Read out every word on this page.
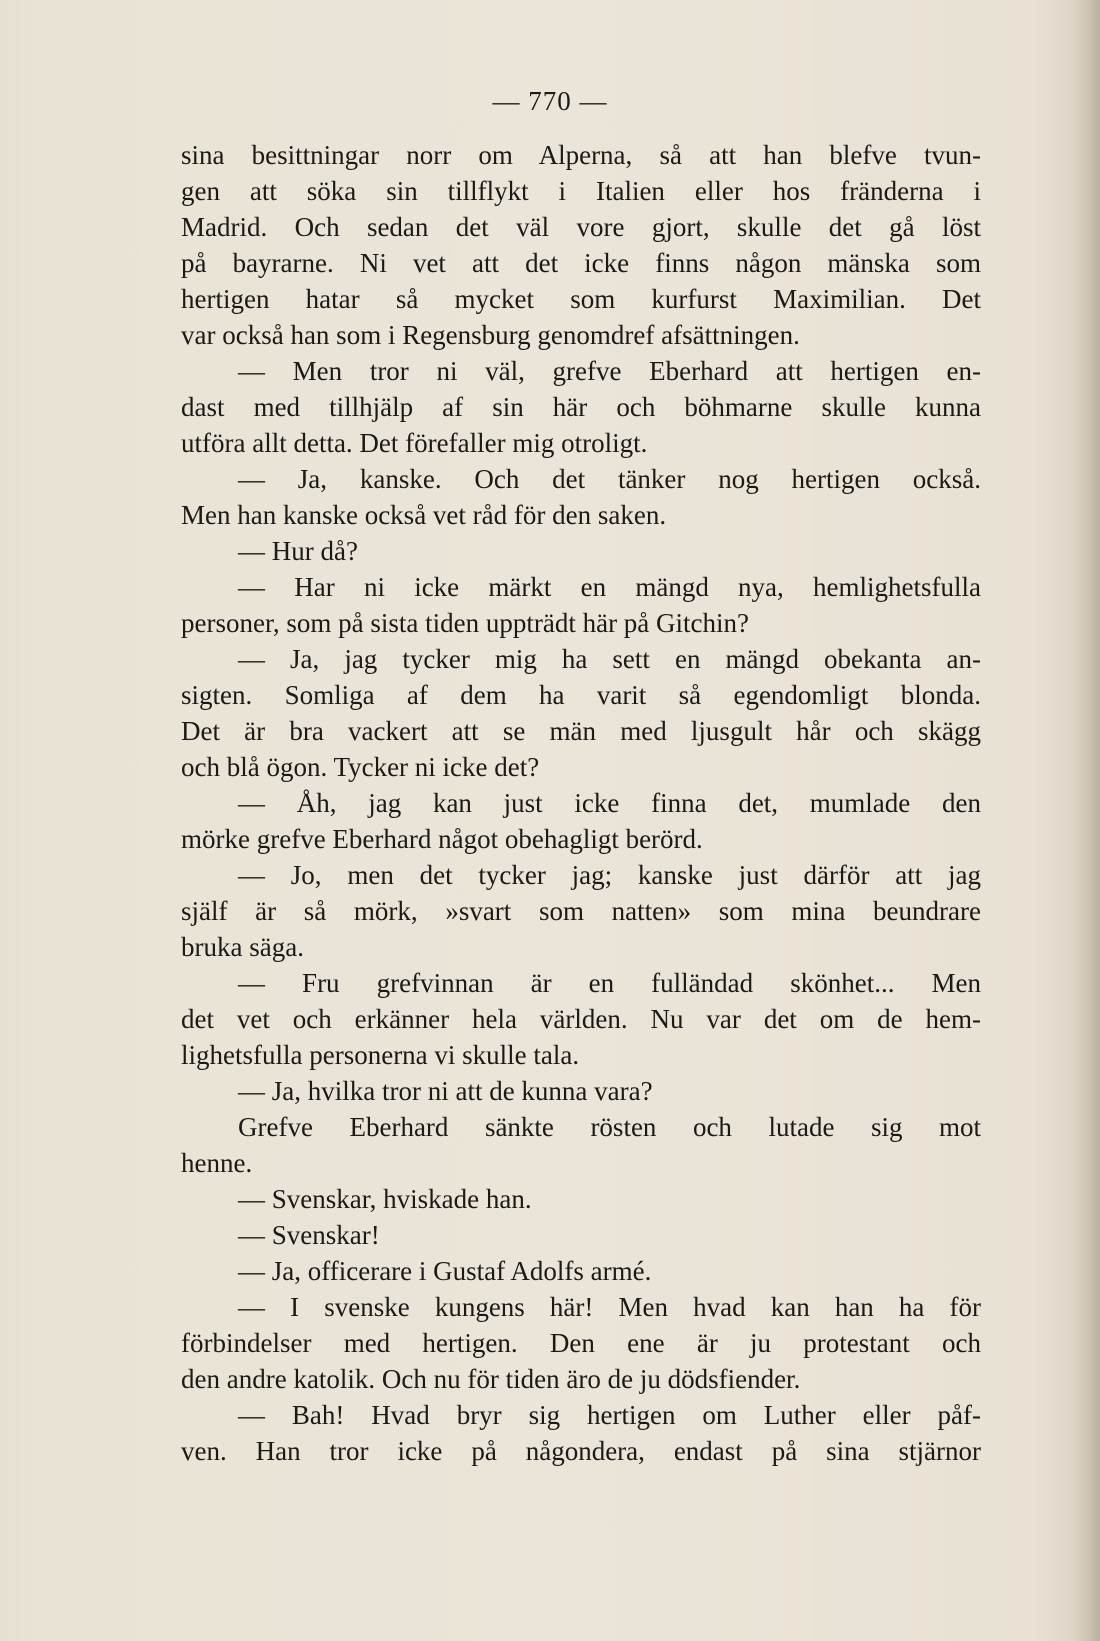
— 770 —
sina besittningar norr om Alperna, så att han blefve tvun-
gen att söka sin tillflykt i Italien eller hos fränderna i
Madrid. Och sedan det väl vore gjort, skulle det gå löst
på bayrarne. Ni vet att det icke finns någon mänska som
hertigen hatar så mycket som kurfurst Maximilian. Det
var också han som i Regensburg genomdref afsättningen.
— Men tror ni väl, grefve Eberhard att hertigen en-
dast med tillhjälp af sin här och böhmarne skulle kunna
utföra allt detta. Det förefaller mig otroligt.
— Ja, kanske. Och det tänker nog hertigen också.
Men han kanske också vet råd för den saken.
— Hur då?
— Har ni icke märkt en mängd nya, hemlighetsfulla
personer, som på sista tiden uppträdt här på Gitchin?
— Ja, jag tycker mig ha sett en mängd obekanta an-
sigten. Somliga af dem ha varit så egendomligt blonda.
Det är bra vackert att se män med ljusgult hår och skägg
och blå ögon. Tycker ni icke det?
— Åh, jag kan just icke finna det, mumlade den
mörke grefve Eberhard något obehagligt berörd.
— Jo, men det tycker jag; kanske just därför att jag
själf är så mörk, »svart som natten» som mina beundrare
bruka säga.
— Fru grefvinnan är en fulländad skönhet... Men
det vet och erkänner hela världen. Nu var det om de hem-
lighetsfulla personerna vi skulle tala.
— Ja, hvilka tror ni att de kunna vara?
Grefve Eberhard sänkte rösten och lutade sig mot
henne.
— Svenskar, hviskade han.
— Svenskar!
— Ja, officerare i Gustaf Adolfs armé.
— I svenske kungens här! Men hvad kan han ha för
förbindelser med hertigen. Den ene är ju protestant och
den andre katolik. Och nu för tiden äro de ju dödsfiender.
— Bah! Hvad bryr sig hertigen om Luther eller påf-
ven. Han tror icke på någondera, endast på sina stjärnor
